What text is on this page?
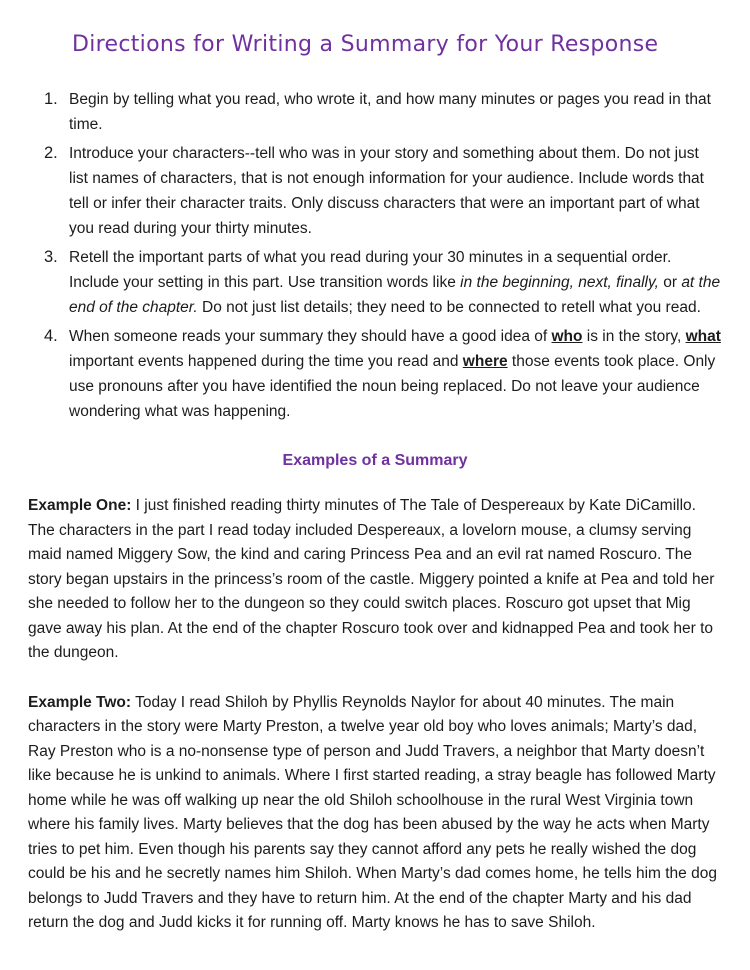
Directions for Writing a Summary for Your Response
1. Begin by telling what you read, who wrote it, and how many minutes or pages you read in that time.
2. Introduce your characters--tell who was in your story and something about them. Do not just list names of characters, that is not enough information for your audience. Include words that tell or infer their character traits. Only discuss characters that were an important part of what you read during your thirty minutes.
3. Retell the important parts of what you read during your 30 minutes in a sequential order. Include your setting in this part. Use transition words like in the beginning, next, finally, or at the end of the chapter. Do not just list details; they need to be connected to retell what you read.
4. When someone reads your summary they should have a good idea of who is in the story, what important events happened during the time you read and where those events took place. Only use pronouns after you have identified the noun being replaced. Do not leave your audience wondering what was happening.
Examples of a Summary

Example One: I just finished reading thirty minutes of The Tale of Despereaux by Kate DiCamillo. The characters in the part I read today included Despereaux, a lovelorn mouse, a clumsy serving maid named Miggery Sow, the kind and caring Princess Pea and an evil rat named Roscuro. The story began upstairs in the princess’s room of the castle. Miggery pointed a knife at Pea and told her she needed to follow her to the dungeon so they could switch places. Roscuro got upset that Mig gave away his plan. At the end of the chapter Roscuro took over and kidnapped Pea and took her to the dungeon.

Example Two: Today I read Shiloh by Phyllis Reynolds Naylor for about 40 minutes. The main characters in the story were Marty Preston, a twelve year old boy who loves animals; Marty’s dad, Ray Preston who is a no-nonsense type of person and Judd Travers, a neighbor that Marty doesn’t like because he is unkind to animals. Where I first started reading, a stray beagle has followed Marty home while he was off walking up near the old Shiloh schoolhouse in the rural West Virginia town where his family lives. Marty believes that the dog has been abused by the way he acts when Marty tries to pet him. Even though his parents say they cannot afford any pets he really wished the dog could be his and he secretly names him Shiloh. When Marty’s dad comes home, he tells him the dog belongs to Judd Travers and they have to return him. At the end of the chapter Marty and his dad return the dog and Judd kicks it for running off. Marty knows he has to save Shiloh.
